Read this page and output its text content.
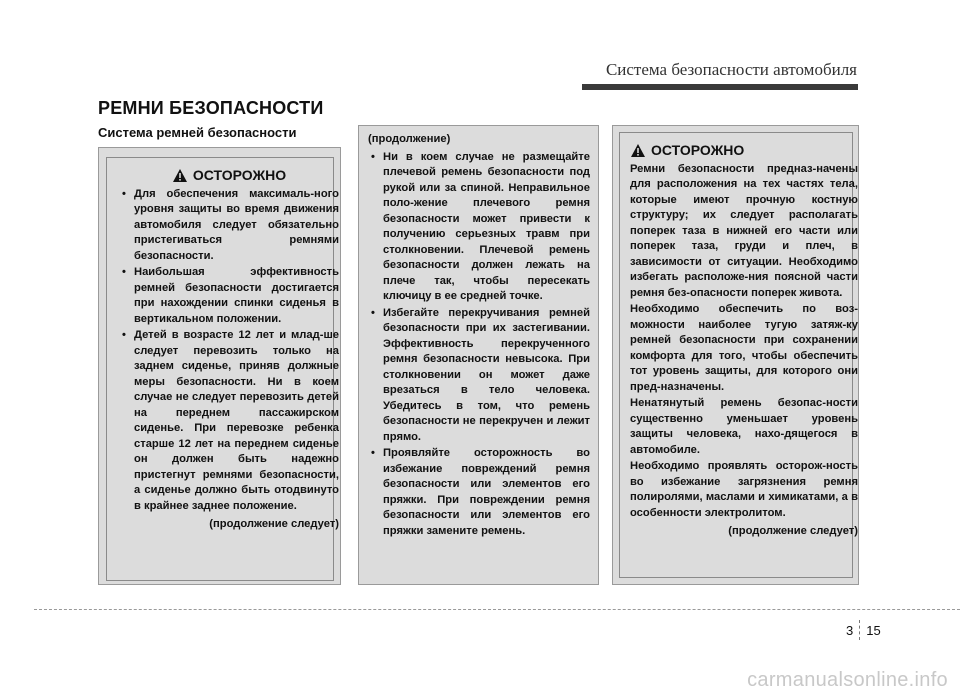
Система безопасности автомобиля
РЕМНИ БЕЗОПАСНОСТИ
Система ремней безопасности
ОСТОРОЖНО
• Для обеспечения максималь-ного уровня защиты во время движения автомобиля следует обязательно пристегиваться ремнями безопасности.
• Наибольшая эффективность ремней безопасности достигается при нахождении спинки сиденья в вертикальном положении.
• Детей в возрасте 12 лет и млад-ше следует перевозить только на заднем сиденье, приняв должные меры безопасности. Ни в коем случае не следует перевозить детей на переднем пассажирском сиденье. При перевозке ребенка старше 12 лет на переднем сиденье он должен быть надежно пристегнут ремнями безопасности, а сиденье должно быть отодвинуто в крайнее заднее положение.
(продолжение следует)
(продолжение)
• Ни в коем случае не размещайте плечевой ремень безопасности под рукой или за спиной. Неправильное поло-жение плечевого ремня безопасности может привести к получению серьезных травм при столкновении. Плечевой ремень безопасности должен лежать на плече так, чтобы пересекать ключицу в ее средней точке.
• Избегайте перекручивания ремней безопасности при их застегивании. Эффективность перекрученного ремня безопасности невысока. При столкновении он может даже врезаться в тело человека. Убедитесь в том, что ремень безопасности не перекручен и лежит прямо.
• Проявляйте осторожность во избежание повреждений ремня безопасности или элементов его пряжки. При повреждении ремня безопасности или элементов его пряжки замените ремень.
ОСТОРОЖНО

Ремни безопасности предназ-начены для расположения на тех частях тела, которые имеют прочную костную структуру; их следует располагать поперек таза в нижней его части или поперек таза, груди и плеч, в зависимости от ситуации. Необходимо избегать расположе-ния поясной части ремня без-опасности поперек живота.

Необходимо обеспечить по воз-можности наиболее тугую затяж-ку ремней безопасности при сохранении комфорта для того, чтобы обеспечить тот уровень защиты, для которого они пред-назначены.

Ненатянутый ремень безопас-ности существенно уменьшает уровень защиты человека, нахо-дящегося в автомобиле.

Необходимо проявлять осторож-ность во избежание загрязнения ремня полиролями, маслами и химикатами, а в особенности электролитом.

(продолжение следует)
3 15
carmanualsonline.info
